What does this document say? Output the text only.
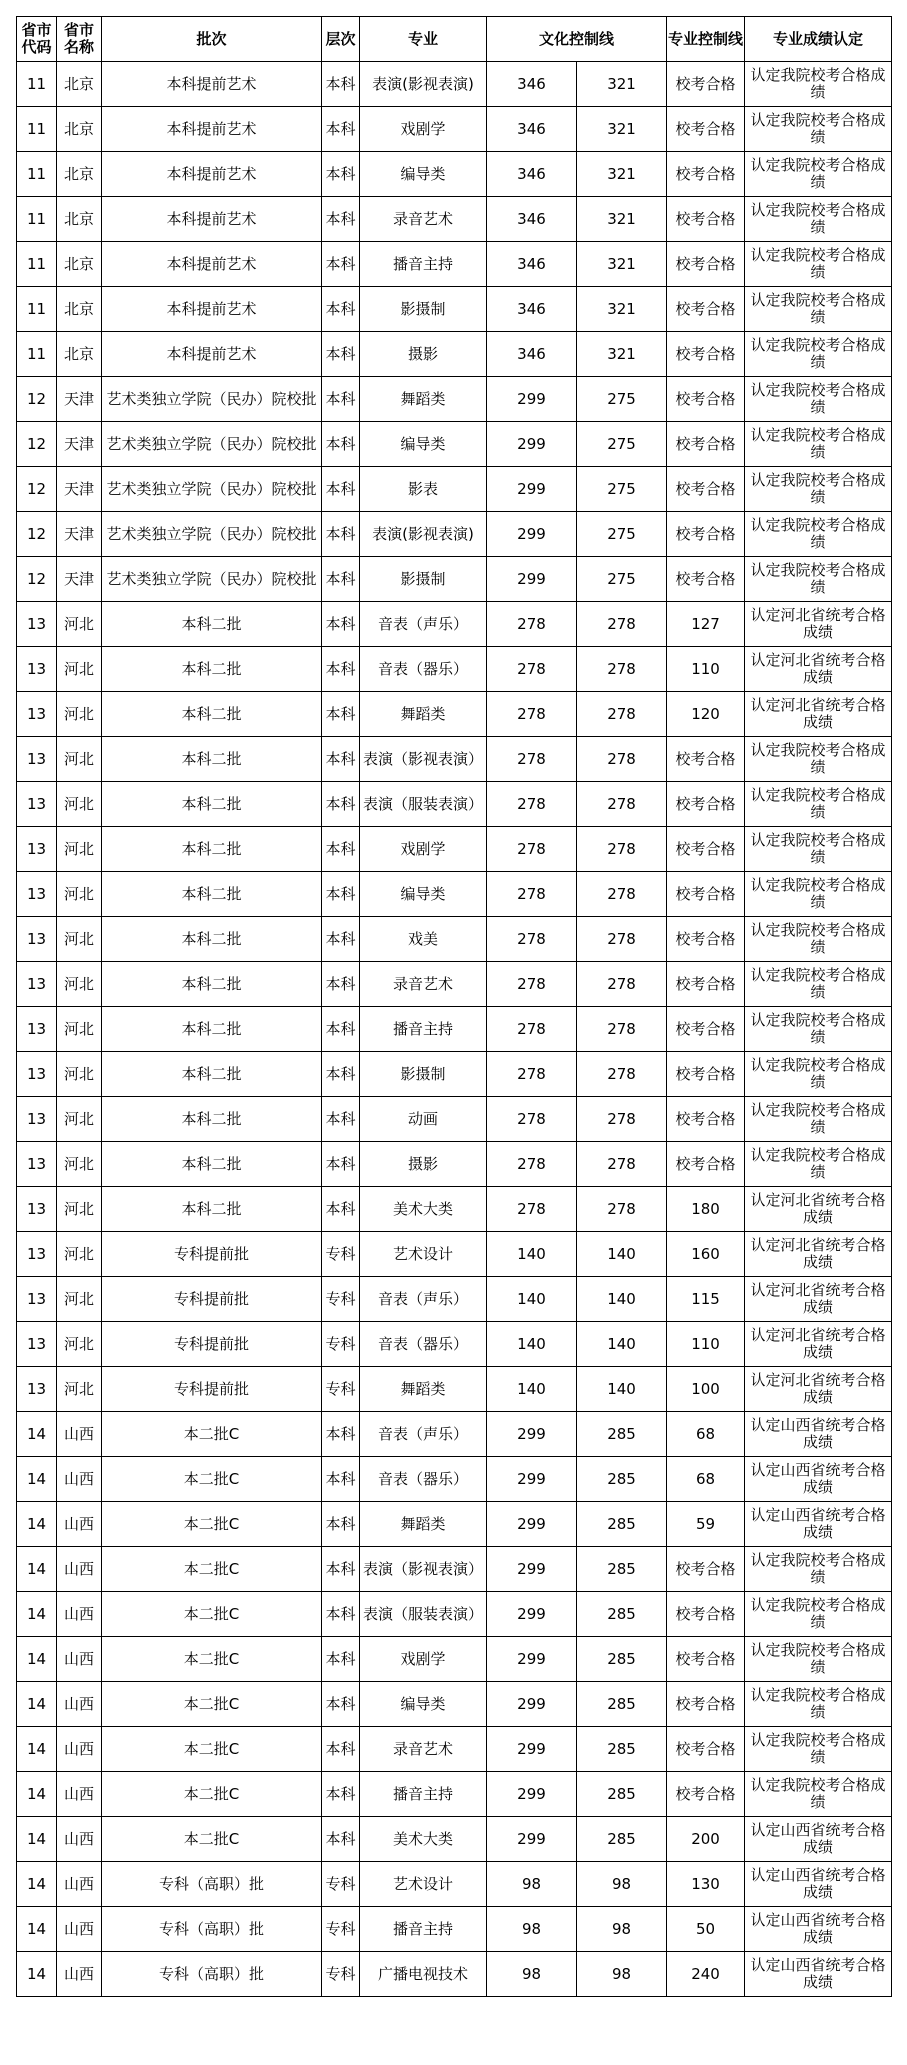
省市代码	省市名称	批次	层次	专业	文化控制线		专业控制线	专业成绩认定
11	北京	本科提前艺术	本科	表演(影视表演)	346	321	校考合格	认定我院校考合格成绩
11	北京	本科提前艺术	本科	戏剧学	346	321	校考合格	认定我院校考合格成绩
11	北京	本科提前艺术	本科	编导类	346	321	校考合格	认定我院校考合格成绩
11	北京	本科提前艺术	本科	录音艺术	346	321	校考合格	认定我院校考合格成绩
11	北京	本科提前艺术	本科	播音主持	346	321	校考合格	认定我院校考合格成绩
11	北京	本科提前艺术	本科	影摄制	346	321	校考合格	认定我院校考合格成绩
11	北京	本科提前艺术	本科	摄影	346	321	校考合格	认定我院校考合格成绩
12	天津	艺术类独立学院（民办）院校批	本科	舞蹈类	299	275	校考合格	认定我院校考合格成绩
12	天津	艺术类独立学院（民办）院校批	本科	编导类	299	275	校考合格	认定我院校考合格成绩
12	天津	艺术类独立学院（民办）院校批	本科	影表	299	275	校考合格	认定我院校考合格成绩
12	天津	艺术类独立学院（民办）院校批	本科	表演(影视表演)	299	275	校考合格	认定我院校考合格成绩
12	天津	艺术类独立学院（民办）院校批	本科	影摄制	299	275	校考合格	认定我院校考合格成绩
13	河北	本科二批	本科	音表（声乐）	278	278	127	认定河北省统考合格成绩
13	河北	本科二批	本科	音表（器乐）	278	278	110	认定河北省统考合格成绩
13	河北	本科二批	本科	舞蹈类	278	278	120	认定河北省统考合格成绩
13	河北	本科二批	本科	表演（影视表演）	278	278	校考合格	认定我院校考合格成绩
13	河北	本科二批	本科	表演（服装表演）	278	278	校考合格	认定我院校考合格成绩
13	河北	本科二批	本科	戏剧学	278	278	校考合格	认定我院校考合格成绩
13	河北	本科二批	本科	编导类	278	278	校考合格	认定我院校考合格成绩
13	河北	本科二批	本科	戏美	278	278	校考合格	认定我院校考合格成绩
13	河北	本科二批	本科	录音艺术	278	278	校考合格	认定我院校考合格成绩
13	河北	本科二批	本科	播音主持	278	278	校考合格	认定我院校考合格成绩
13	河北	本科二批	本科	影摄制	278	278	校考合格	认定我院校考合格成绩
13	河北	本科二批	本科	动画	278	278	校考合格	认定我院校考合格成绩
13	河北	本科二批	本科	摄影	278	278	校考合格	认定我院校考合格成绩
13	河北	本科二批	本科	美术大类	278	278	180	认定河北省统考合格成绩
13	河北	专科提前批	专科	艺术设计	140	140	160	认定河北省统考合格成绩
13	河北	专科提前批	专科	音表（声乐）	140	140	115	认定河北省统考合格成绩
13	河北	专科提前批	专科	音表（器乐）	140	140	110	认定河北省统考合格成绩
13	河北	专科提前批	专科	舞蹈类	140	140	100	认定河北省统考合格成绩
14	山西	本二批C	本科	音表（声乐）	299	285	68	认定山西省统考合格成绩
14	山西	本二批C	本科	音表（器乐）	299	285	68	认定山西省统考合格成绩
14	山西	本二批C	本科	舞蹈类	299	285	59	认定山西省统考合格成绩
14	山西	本二批C	本科	表演（影视表演）	299	285	校考合格	认定我院校考合格成绩
14	山西	本二批C	本科	表演（服装表演）	299	285	校考合格	认定我院校考合格成绩
14	山西	本二批C	本科	戏剧学	299	285	校考合格	认定我院校考合格成绩
14	山西	本二批C	本科	编导类	299	285	校考合格	认定我院校考合格成绩
14	山西	本二批C	本科	录音艺术	299	285	校考合格	认定我院校考合格成绩
14	山西	本二批C	本科	播音主持	299	285	校考合格	认定我院校考合格成绩
14	山西	本二批C	本科	美术大类	299	285	200	认定山西省统考合格成绩
14	山西	专科（高职）批	专科	艺术设计	98	98	130	认定山西省统考合格成绩
14	山西	专科（高职）批	专科	播音主持	98	98	50	认定山西省统考合格成绩
14	山西	专科（高职）批	专科	广播电视技术	98	98	240	认定山西省统考合格成绩
